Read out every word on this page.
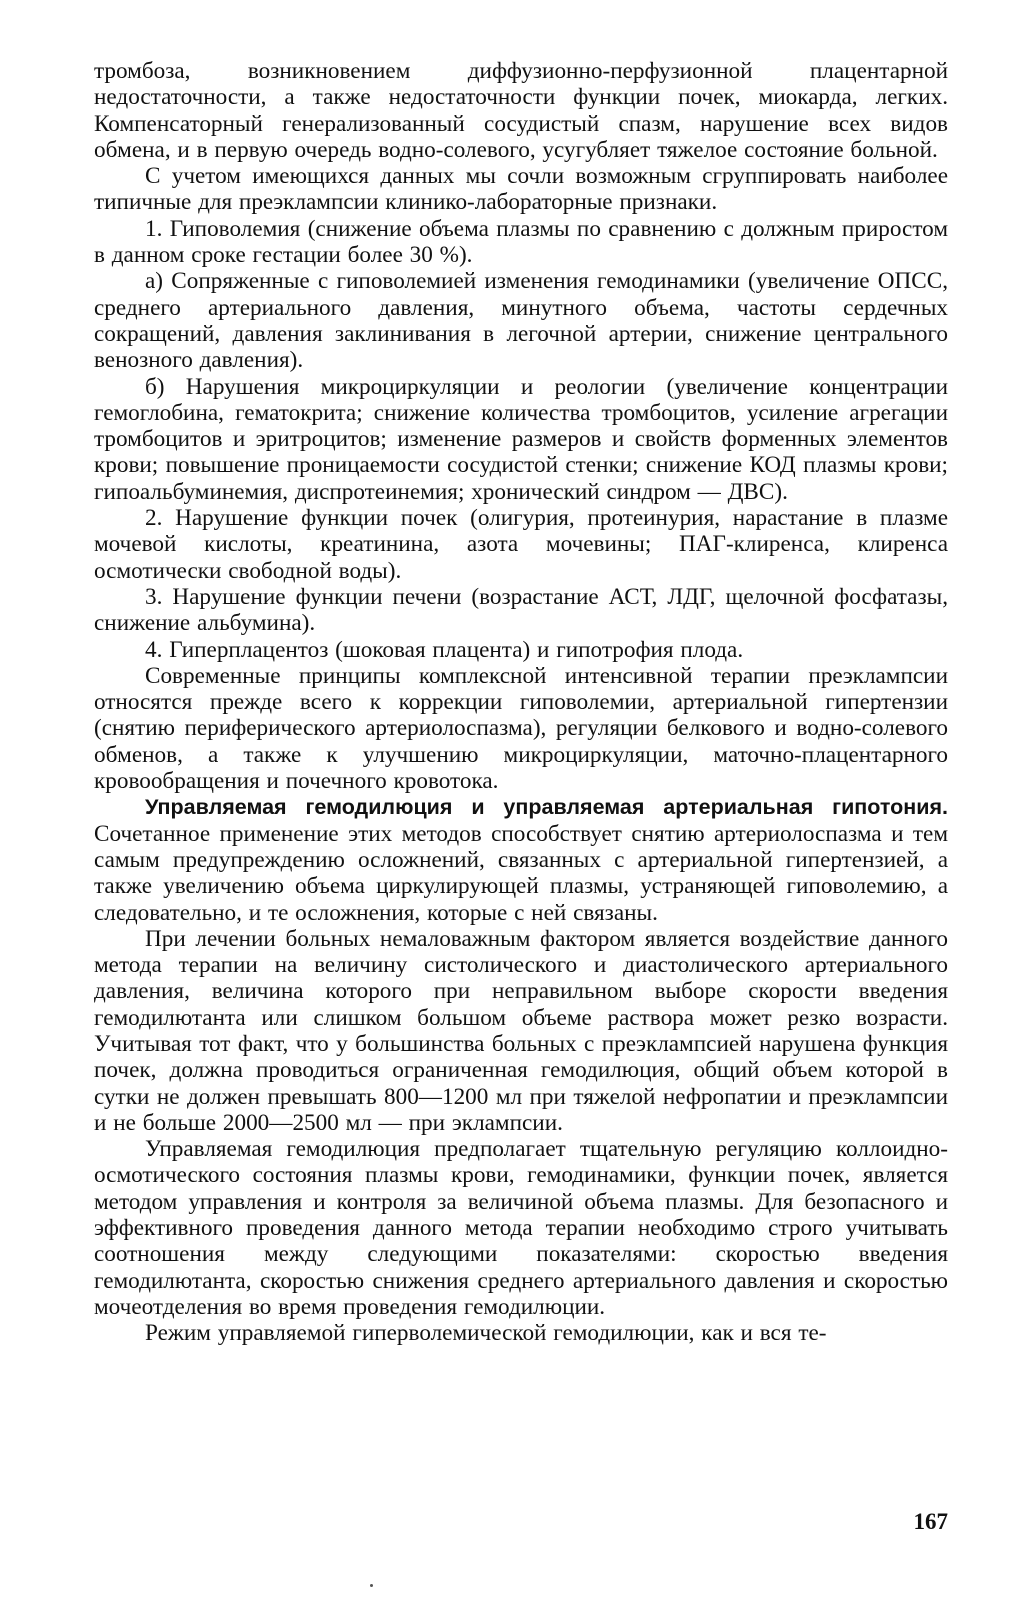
тромбоза, возникновением диффузионно-перфузионной плацентарной недостаточности, а также недостаточности функции почек, миокарда, легких. Компенсаторный генерализованный сосудистый спазм, нарушение всех видов обмена, и в первую очередь водно-солевого, усугубляет тяжелое состояние больной.

С учетом имеющихся данных мы сочли возможным сгруппировать наиболее типичные для преэклампсии клинико-лабораторные признаки.

1. Гиповолемия (снижение объема плазмы по сравнению с должным приростом в данном сроке гестации более 30 %).

а) Сопряженные с гиповолемией изменения гемодинамики (увеличение ОПСС, среднего артериального давления, минутного объема, частоты сердечных сокращений, давления заклинивания в легочной артерии, снижение центрального венозного давления).

б) Нарушения микроциркуляции и реологии (увеличение концентрации гемоглобина, гематокрита; снижение количества тромбоцитов, усиление агрегации тромбоцитов и эритроцитов; изменение размеров и свойств форменных элементов крови; повышение проницаемости сосудистой стенки; снижение КОД плазмы крови; гипоальбуминемия, диспротеинемия; хронический синдром — ДВС).

2. Нарушение функции почек (олигурия, протеинурия, нарастание в плазме мочевой кислоты, креатинина, азота мочевины; ПАГ-клиренса, клиренса осмотически свободной воды).

3. Нарушение функции печени (возрастание АСТ, ЛДГ, щелочной фосфатазы, снижение альбумина).

4. Гиперплацентоз (шоковая плацента) и гипотрофия плода.

Современные принципы комплексной интенсивной терапии преэклампсии относятся прежде всего к коррекции гиповолемии, артериальной гипертензии (снятию периферического артериолоспазма), регуляции белкового и водно-солевого обменов, а также к улучшению микроциркуляции, маточно-плацентарного кровообращения и почечного кровотока.

Управляемая гемодилюция и управляемая артериальная гипотония. Сочетанное применение этих методов способствует снятию артериолоспазма и тем самым предупреждению осложнений, связанных с артериальной гипертензией, а также увеличению объема циркулирующей плазмы, устраняющей гиповолемию, а следовательно, и те осложнения, которые с ней связаны.

При лечении больных немаловажным фактором является воздействие данного метода терапии на величину систолического и диастолического артериального давления, величина которого при неправильном выборе скорости введения гемодилютанта или слишком большом объеме раствора может резко возрасти. Учитывая тот факт, что у большинства больных с преэклампсией нарушена функция почек, должна проводиться ограниченная гемодилюция, общий объем которой в сутки не должен превышать 800—1200 мл при тяжелой нефропатии и преэклампсии и не больше 2000—2500 мл — при эклампсии.

Управляемая гемодилюция предполагает тщательную регуляцию коллоидно-осмотического состояния плазмы крови, гемодинамики, функции почек, является методом управления и контроля за величиной объема плазмы. Для безопасного и эффективного проведения данного метода терапии необходимо строго учитывать соотношения между следующими показателями: скоростью введения гемодилютанта, скоростью снижения среднего артериального давления и скоростью мочеотделения во время проведения гемодилюции.

Режим управляемой гиперволемической гемодилюции, как и вся те-

167
